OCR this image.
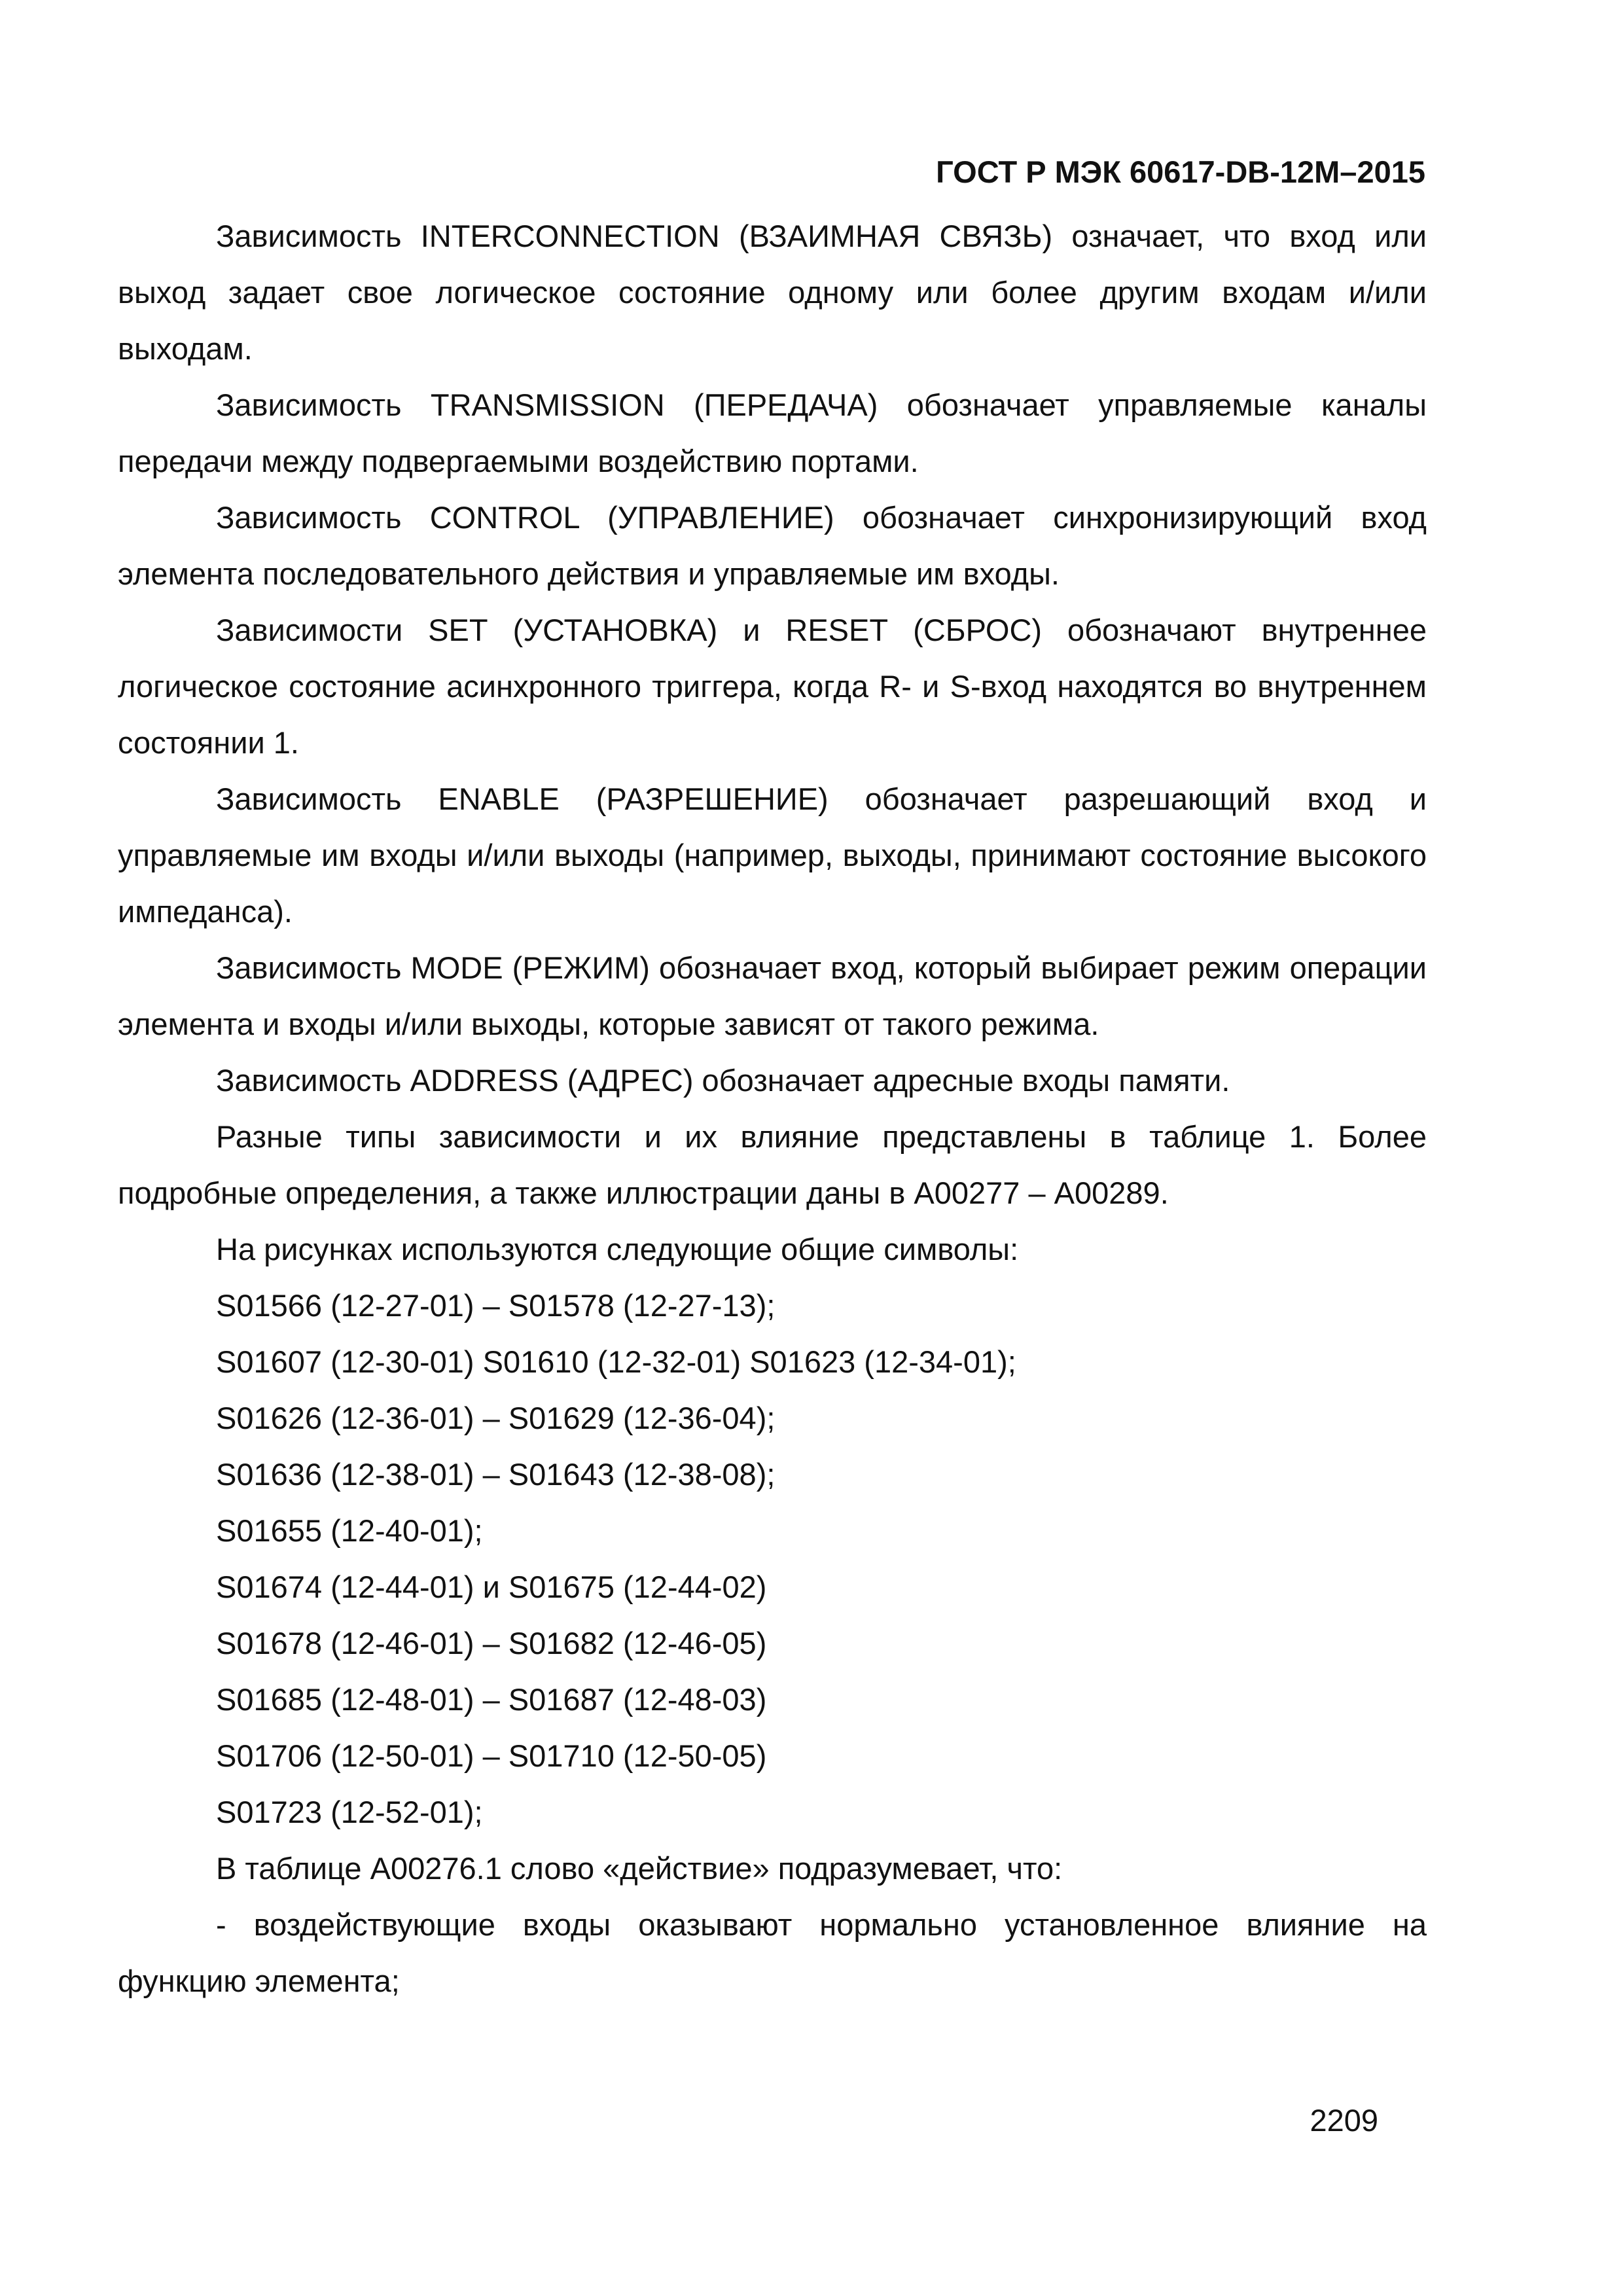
ГОСТ Р МЭК 60617-DB-12M–2015

Зависимость INTERCONNECTION (ВЗАИМНАЯ СВЯЗЬ) означает, что вход или выход задает свое логическое состояние одному или более другим входам и/или выходам.

Зависимость TRANSMISSION (ПЕРЕДАЧА) обозначает управляемые каналы передачи между подвергаемыми воздействию портами.

Зависимость CONTROL (УПРАВЛЕНИЕ) обозначает синхронизирующий вход элемента последовательного действия и управляемые им входы.

Зависимости SET (УСТАНОВКА) и RESET (СБРОС) обозначают внутреннее логическое состояние асинхронного триггера, когда R- и S-вход находятся во внутреннем состоянии 1.

Зависимость ENABLE (РАЗРЕШЕНИЕ) обозначает разрешающий вход и управляемые им входы и/или выходы (например, выходы, принимают состояние высокого импеданса).

Зависимость MODE (РЕЖИМ) обозначает вход, который выбирает режим операции элемента и входы и/или выходы, которые зависят от такого режима.

Зависимость ADDRESS (АДРЕС) обозначает адресные входы памяти.

Разные типы зависимости и их влияние представлены в таблице 1. Более подробные определения, а также иллюстрации даны в А00277 – А00289.

На рисунках используются следующие общие символы:

S01566 (12-27-01) – S01578 (12-27-13);

S01607 (12-30-01) S01610 (12-32-01) S01623 (12-34-01);

S01626 (12-36-01) – S01629 (12-36-04);

S01636 (12-38-01) – S01643 (12-38-08);

S01655 (12-40-01);

S01674 (12-44-01) и S01675 (12-44-02)

S01678 (12-46-01) – S01682 (12-46-05)

S01685 (12-48-01) – S01687 (12-48-03)

S01706 (12-50-01) – S01710 (12-50-05)

S01723 (12-52-01);

В таблице А00276.1 слово «действие» подразумевает, что:

- воздействующие входы оказывают нормально установленное влияние на функцию элемента;

2209
